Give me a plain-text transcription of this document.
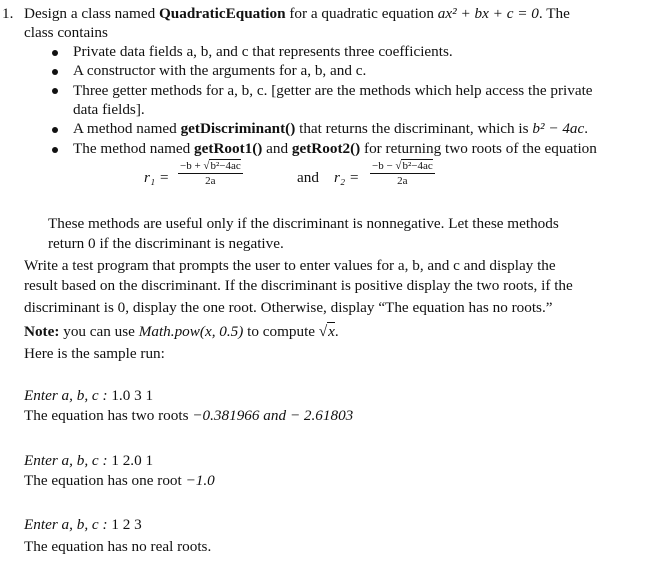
1. Design a class named QuadraticEquation for a quadratic equation ax² + bx + c = 0. The
class contains
Private data fields a, b, and c that represents three coefficients.
A constructor with the arguments for a, b, and c.
Three getter methods for a, b, c. [getter are the methods which help access the private
data fields].
A method named getDiscriminant() that returns the discriminant, which is b² − 4ac.
The method named getRoot1() and getRoot2() for returning two roots of the equation
$r_1 = \frac{\text{−b + √b²−4ac}}{2a}$	and $r_2 = \frac{\text{−b − √b²−4ac}}{2a}$
These methods are useful only if the discriminant is nonnegative. Let these methods
return 0 if the discriminant is negative.
Write a test program that prompts the user to enter values for a, b, and c and display the
result based on the discriminant. If the discriminant is positive display the two roots, if the
discriminant is 0, display the one root. Otherwise, display “The equation has no roots.”
Note: you can use Math.pow(x, 0.5) to compute √x.
Here is the sample run:
Enter a, b, c : 1.0 3 1
The equation has two roots −0.381966 and − 2.61803
Enter a, b, c : 1 2.0 1
The equation has one root −1.0
Enter a, b, c : 1 2 3
The equation has no real roots.
